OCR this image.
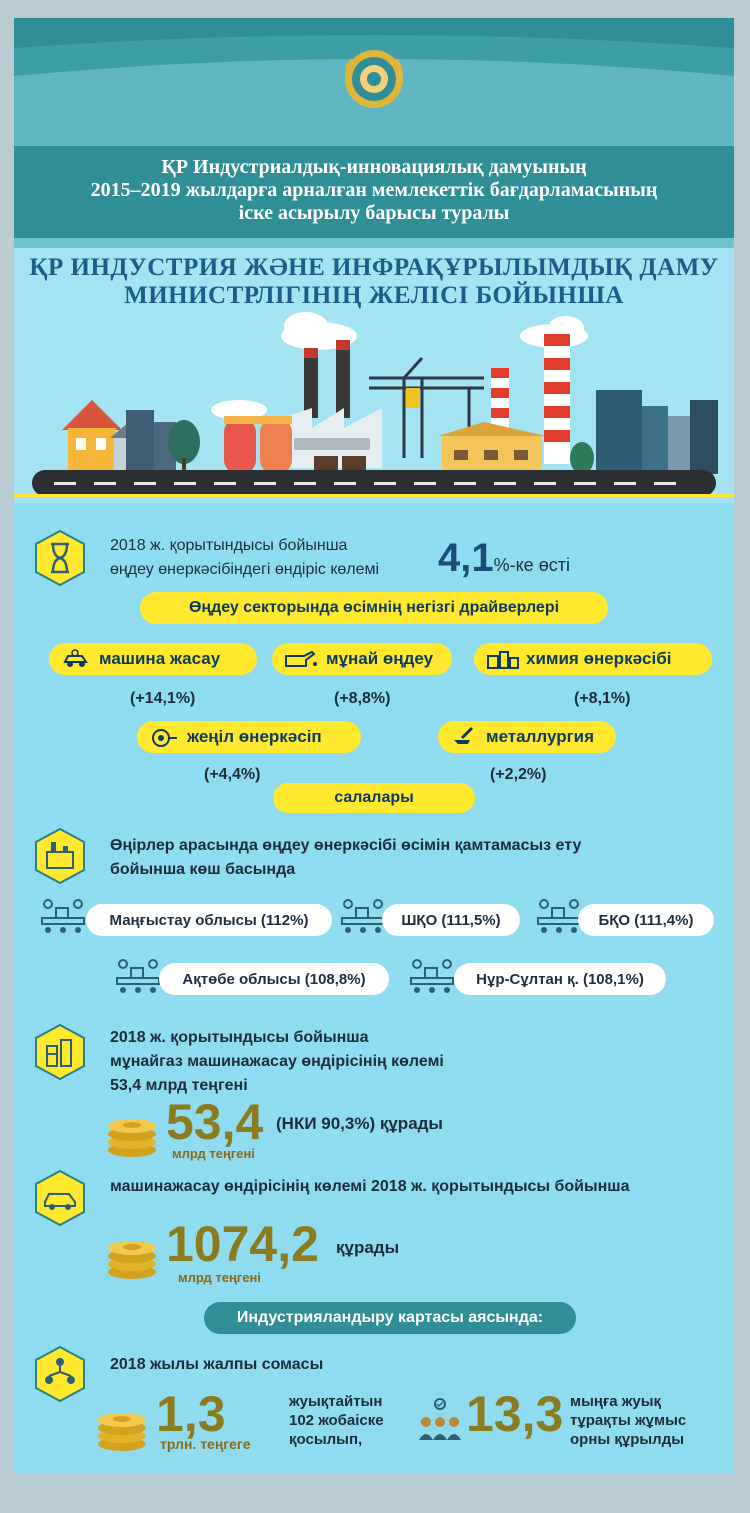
ҚР Индустриалдық-инновациялық дамуының
2015–2019 жылдарға арналған мемлекеттік бағдарламасының
іске асырылу барысы туралы
ҚР ИНДУСТРИЯ ЖӘНЕ ИНФРАҚҰРЫЛЫМДЫҚ ДАМУ
МИНИСТРЛІГІНІҢ ЖЕЛІСІ БОЙЫНША
2018 ж. қорытындысы бойынша
өңдеу өнеркәсібіндегі өндіріс көлемі 4,1%-ке өсті
Өңдеу секторында өсімнің негізгі драйверлері
машина жасау
(+14,1%)
мұнай өңдеу
(+8,8%)
химия өнеркәсібі
(+8,1%)
жеңіл өнеркәсіп
(+4,4%)
металлургия
(+2,2%)
салалары
Өңірлер арасында өңдеу өнеркәсібі өсімін қамтамасыз ету
бойынша көш басында
Маңғыстау облысы (112%)	ШҚО (111,5%)	БҚО (111,4%)
Ақтөбе облысы (108,8%)	Нұр-Сұлтан қ. (108,1%)
2018 ж. қорытындысы бойынша
мұнайгаз машинажасау өндірісінің көлемі
53,4 млрд теңгені
53,4 (НКИ 90,3%) құрады
млрд теңгені
машинажасау өндірісінің көлемі 2018 ж. қорытындысы бойынша
1074,2 құрады
млрд теңгені
Индустрияландыру картасы аясында:
2018 жылы жалпы сомасы
1,3
трлн. теңгеге
жуықтайтын
102 жобаіске
қосылып,	13,3 мыңға жуық
тұрақты жұмыс
орны құрылды
